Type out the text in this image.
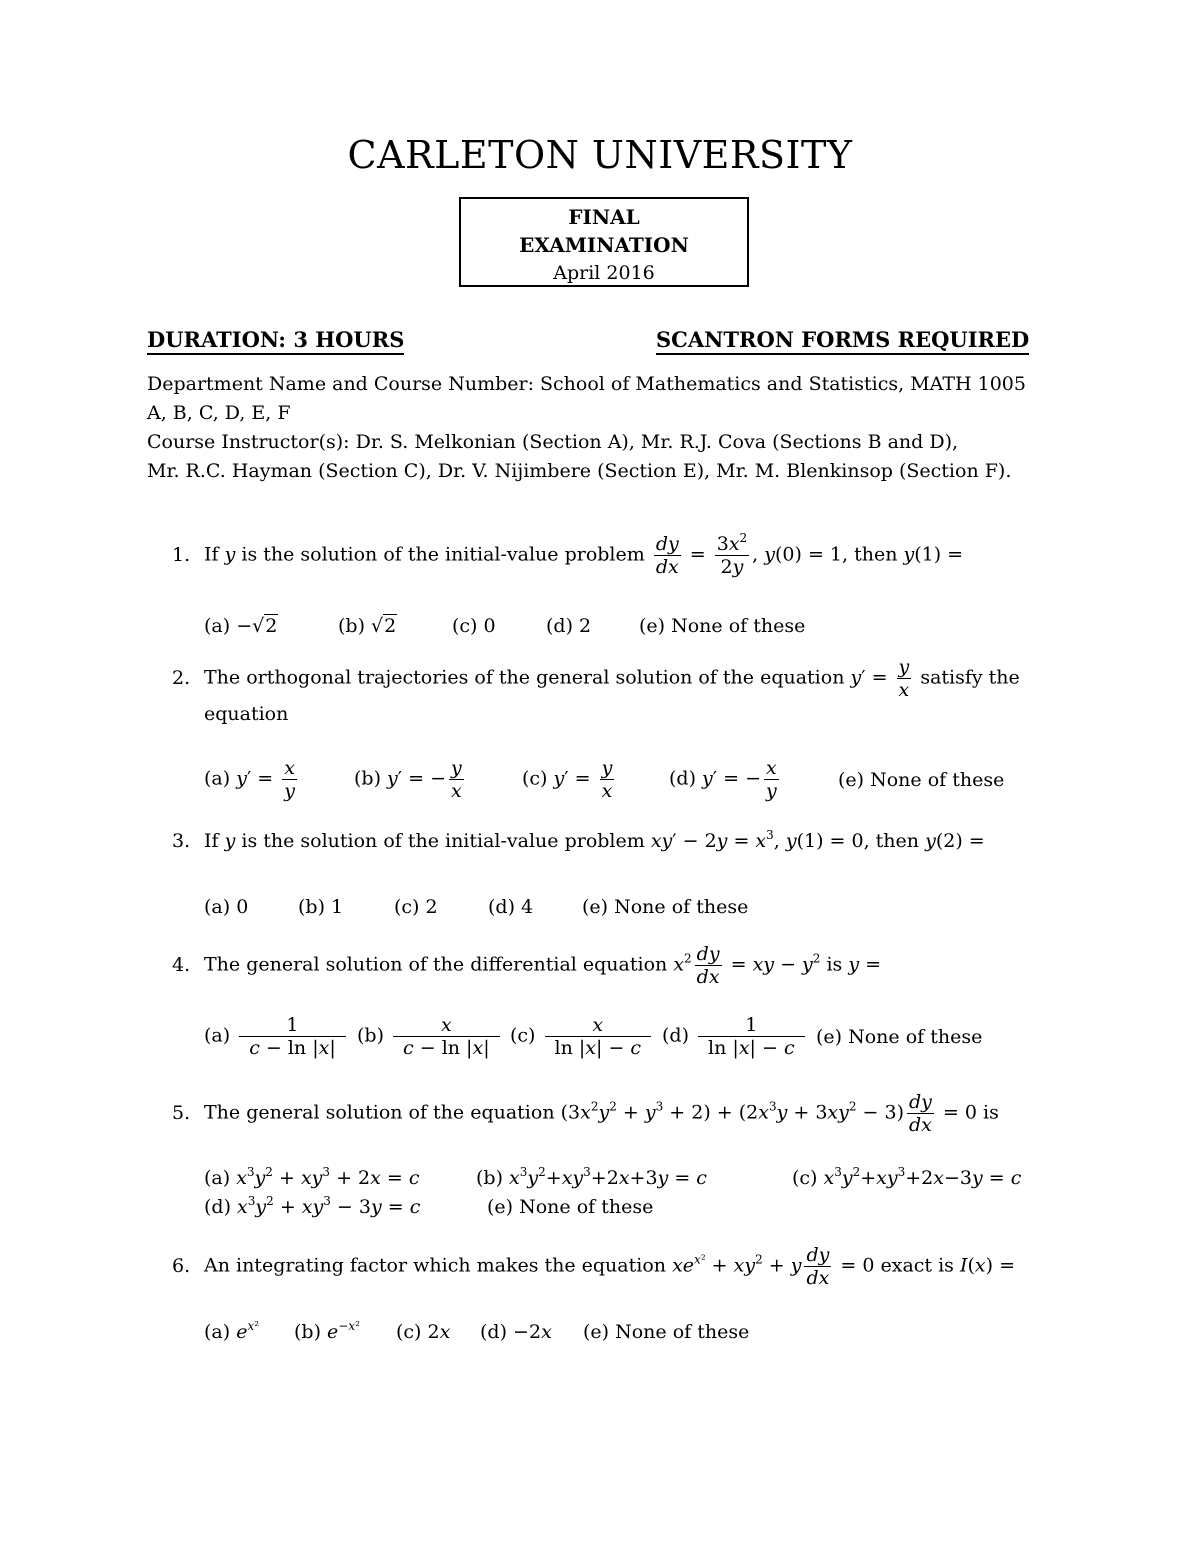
CARLETON UNIVERSITY
FINAL
EXAMINATION
April 2016
DURATION: 3 HOURS	SCANTRON FORMS REQUIRED
Department Name and Course Number: School of Mathematics and Statistics, MATH 1005
A, B, C, D, E, F
Course Instructor(s): Dr. S. Melkonian (Section A), Mr. R.J. Cova (Sections B and D),
Mr. R.C. Hayman (Section C), Dr. V. Nijimbere (Section E), Mr. M. Blenkinsop (Section F).
1. If y is the solution of the initial-value problem $\frac{dy}{dx} = \frac{3x^2}{2y}$ , y(0) = 1, then y(1) =
(a) −√2	(b) √2	(c) 0	(d) 2	(e) None of these
2. The orthogonal trajectories of the general solution of the equation $y' = \frac{y}{x}$ satisfy the
equation
(a) $y' = \frac{x}{y}$	(b) y′ = − $\frac{y}{x}$	(c) $y' = \frac{y}{x}$	(d) y′ = − $\frac{x}{y}$	(e) None of these
3. If y is the solution of the initial-value problem $xy' - 2y = x^3$, y(1) = 0, then y(2) =
(a) 0	(b) 1	(c) 2	(d) 4	(e) None of these
4. The general solution of the differential equation $x^2 \frac{dy}{dx}$ = xy − $y^2$ is y =
$(a) \frac{1}{c - \ln |x|} (b) \frac{x}{c - \ln |x|} (c) \frac{x}{\ln |x| - c} (d) \frac{1}{\ln |x| - c} (e)$ None of these
5. The general solution of the equation $(3x^2y^2 + y^3 + 2) + (2x^3y + 3xy^2 - 3) \frac{dy}{dx} = 0$ is
(a) $x^3y^2 + xy^3 + 2x = c$	(b) $x^3y^2+xy^3+2x+3y = c$	(c) $x^3y^2+xy^3+2x-3y = c$
(d) $x^3y^2 + xy^3 - 3y = c$	(e) None of these
6. An integrating factor which makes the equation $xe^{x^2} + xy^2 + y \frac{dy}{dx} = 0$ exact is I(x) =
(a) $e^{x^2}$ (b) $e^{-x^2}$ (c) 2x (d) −2x (e) None of these
